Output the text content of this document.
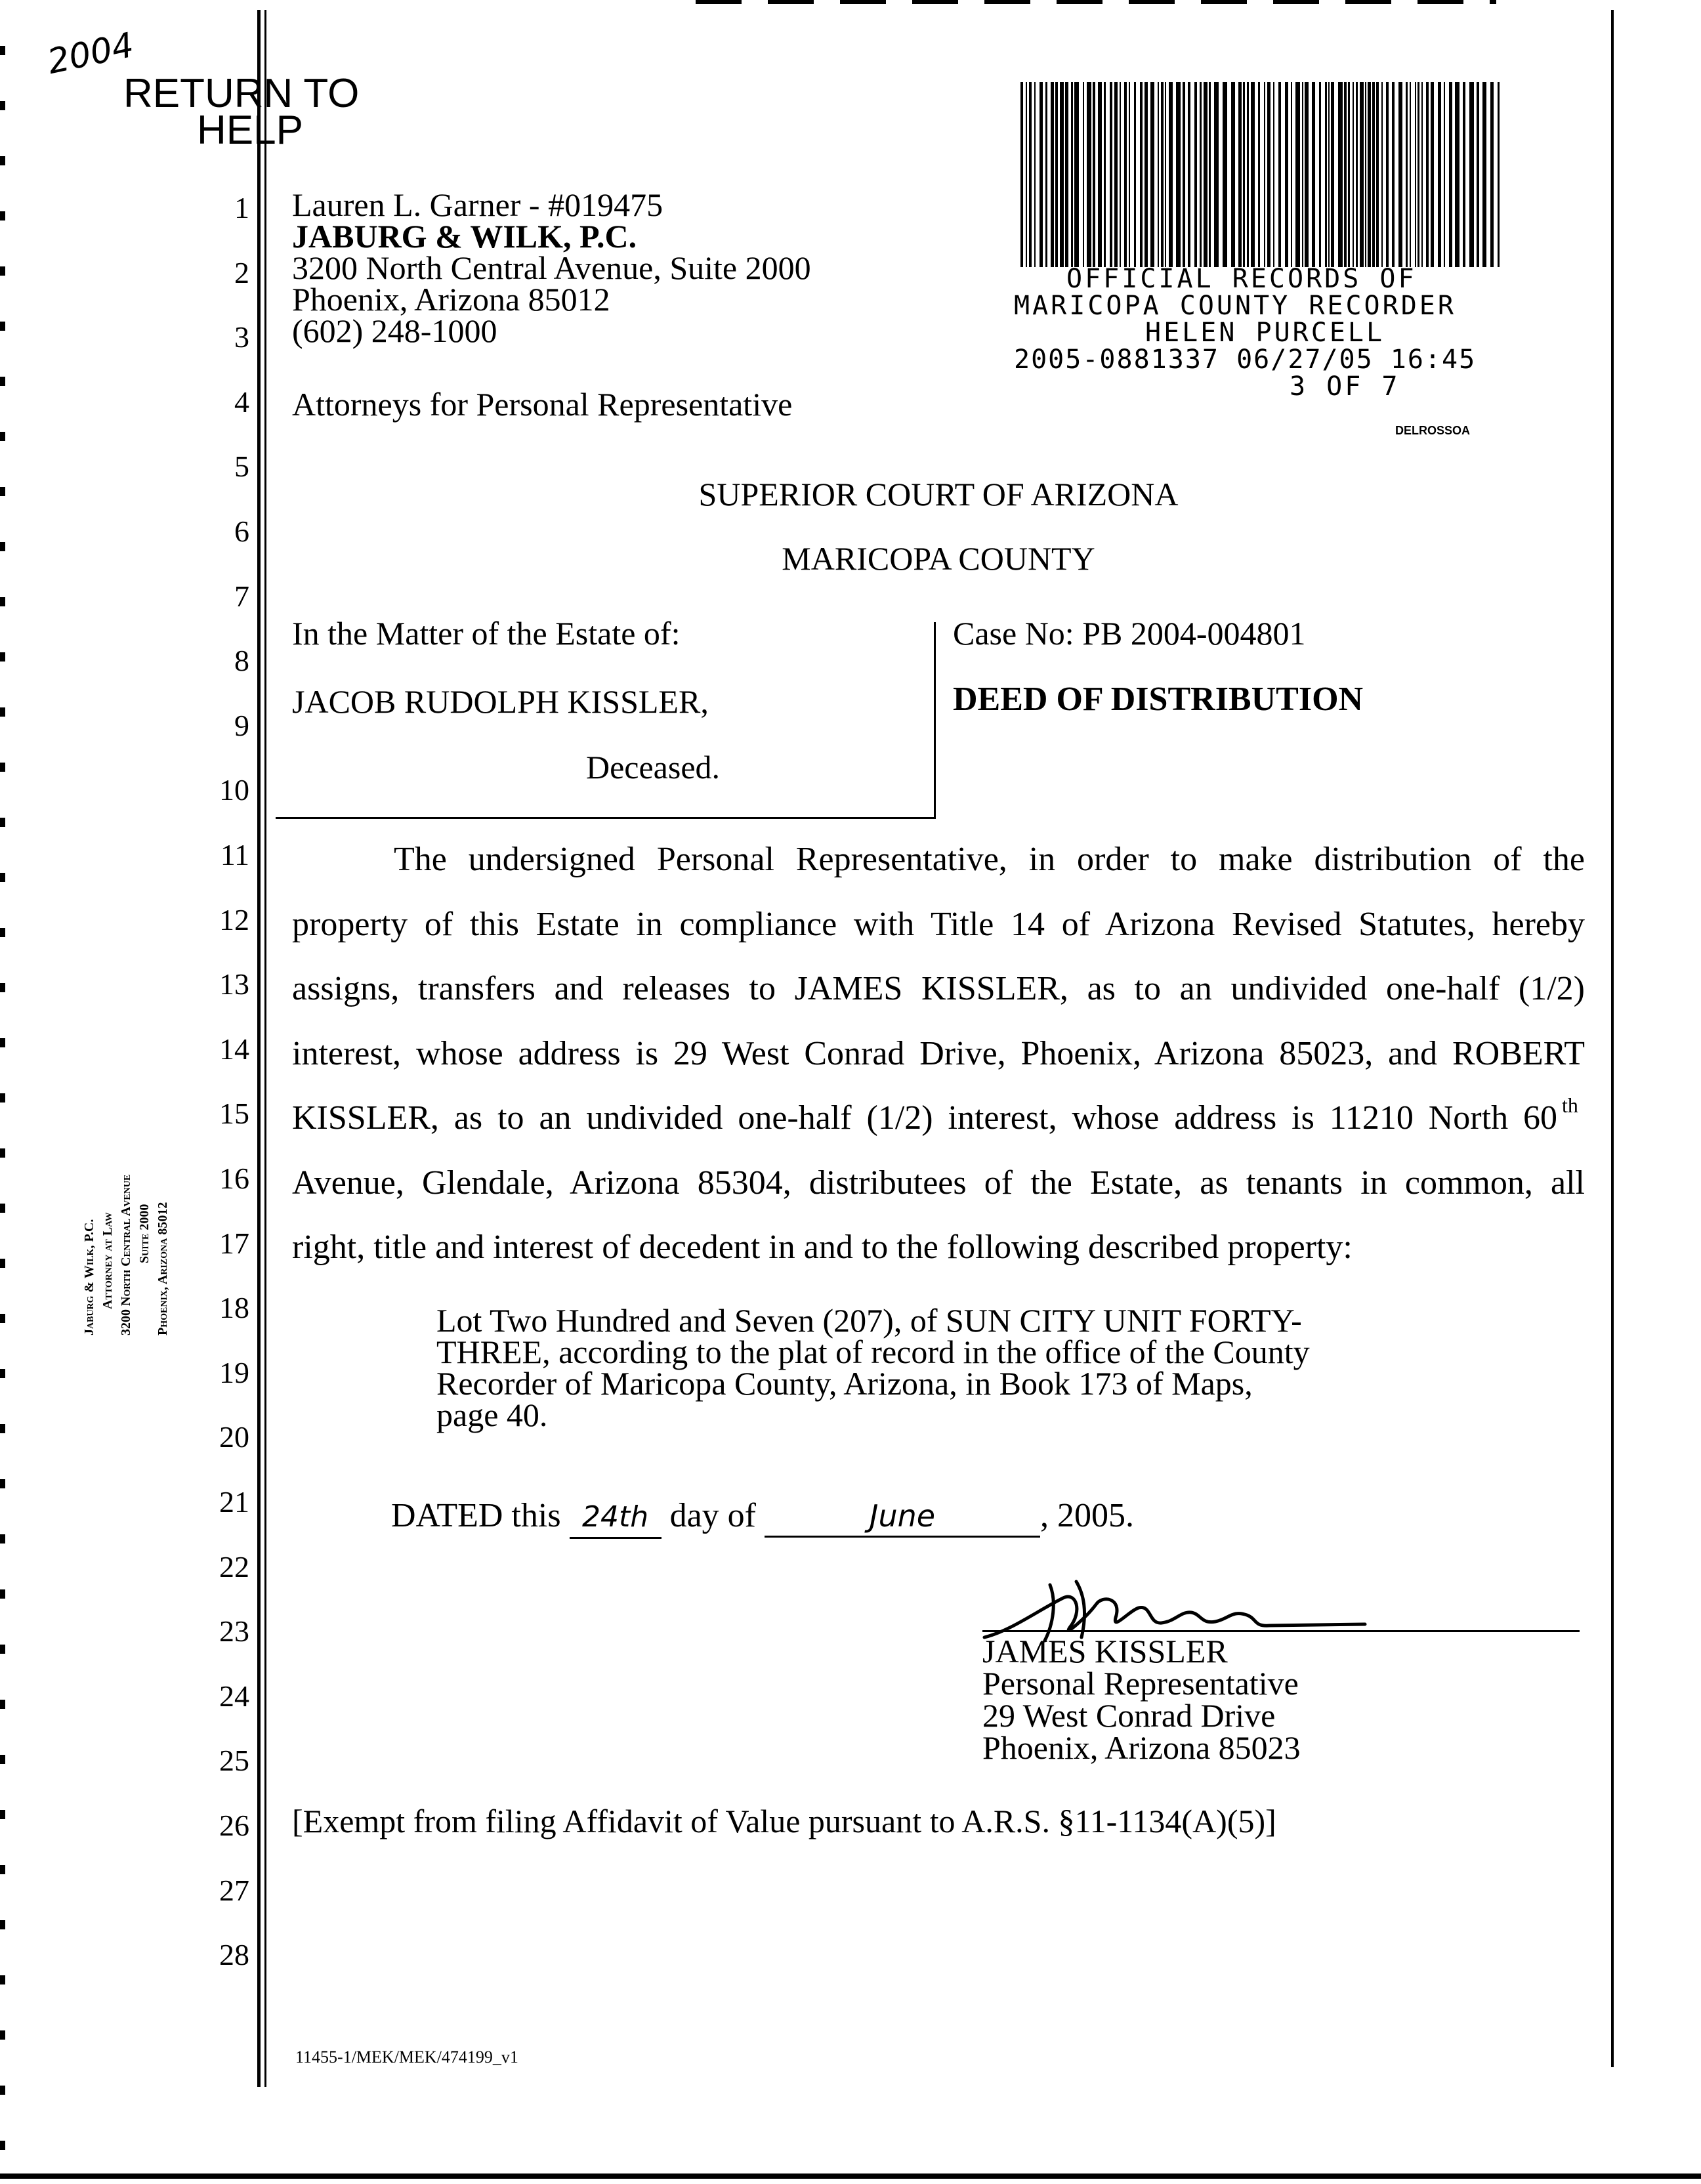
2004
RETURN TO
HELP
1
2
3
4
5
6
7
8
9
10
11
12
13
14
15
16
17
18
19
20
21
22
23
24
25
26
27
28
Lauren L. Garner - #019475
JABURG & WILK, P.C.
3200 North Central Avenue, Suite 2000
Phoenix, Arizona 85012
(602) 248-1000
Attorneys for Personal Representative
OFFICIAL RECORDS OF
MARICOPA COUNTY RECORDER
HELEN PURCELL
2005-0881337 06/27/05 16:45
3 OF 7
DELROSSOA
SUPERIOR COURT OF ARIZONA
MARICOPA COUNTY
In the Matter of the Estate of:
JACOB RUDOLPH KISSLER,
Deceased.
Case No: PB 2004-004801
DEED OF DISTRIBUTION
The undersigned Personal Representative, in order to make distribution of the
property of this Estate in compliance with Title 14 of Arizona Revised Statutes, hereby
assigns, transfers and releases to JAMES KISSLER, as to an undivided one-half (1/2)
interest, whose address is 29 West Conrad Drive, Phoenix, Arizona 85023, and ROBERT
KISSLER, as to an undivided one-half (1/2) interest, whose address is 11210 North 60 th
Avenue, Glendale, Arizona 85304, distributees of the Estate, as tenants in common, all
right, title and interest of decedent in and to the following described property:
Lot Two Hundred and Seven (207), of SUN CITY UNIT FORTY-
THREE, according to the plat of record in the office of the County
Recorder of Maricopa County, Arizona, in Book 173 of Maps,
page 40.
DATED this 24th day of	June	, 2005.
JAMES KISSLER
Personal Representative
29 West Conrad Drive
Phoenix, Arizona 85023
[Exempt from filing Affidavit of Value pursuant to A.R.S. §11-1134(A)(5)]
11455-1/MEK/MEK/474199_v1
Jaburg & Wilk, P.C. Attorney at Law 3200 North Central Avenue Suite 2000 Phoenix, Arizona 85012
